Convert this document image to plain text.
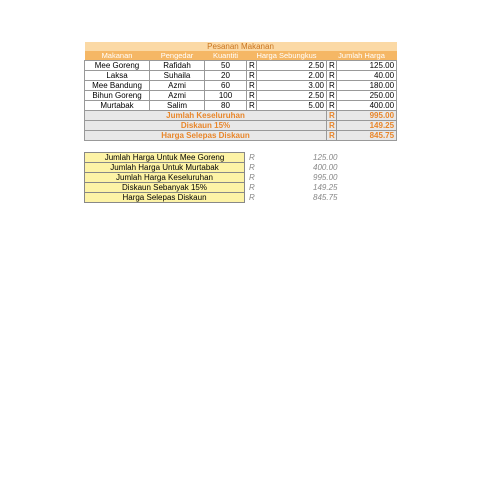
Pesanan Makanan						
Makanan	Pengedar	Kuantiti	Harga Sebungkus		Jumlah Harga	
Mee Goreng	Rafidah	50	R	2.50	R	125.00
Laksa	Suhaila	20	R	2.00	R	40.00
Mee Bandung	Azmi	60	R	3.00	R	180.00
Bihun Goreng	Azmi	100	R	2.50	R	250.00
Murtabak	Salim	80	R	5.00	R	400.00
Jumlah Keseluruhan					R	995.00
Diskaun 15%					R	149.25
Harga Selepas Diskaun					R	845.75
Jumlah Harga Untuk Mee Goreng	R	125.00
Jumlah Harga Untuk Murtabak	R	400.00
Jumlah Harga Keseluruhan	R	995.00
Diskaun Sebanyak 15%	R	149.25
Harga Selepas Diskaun	R	845.75
